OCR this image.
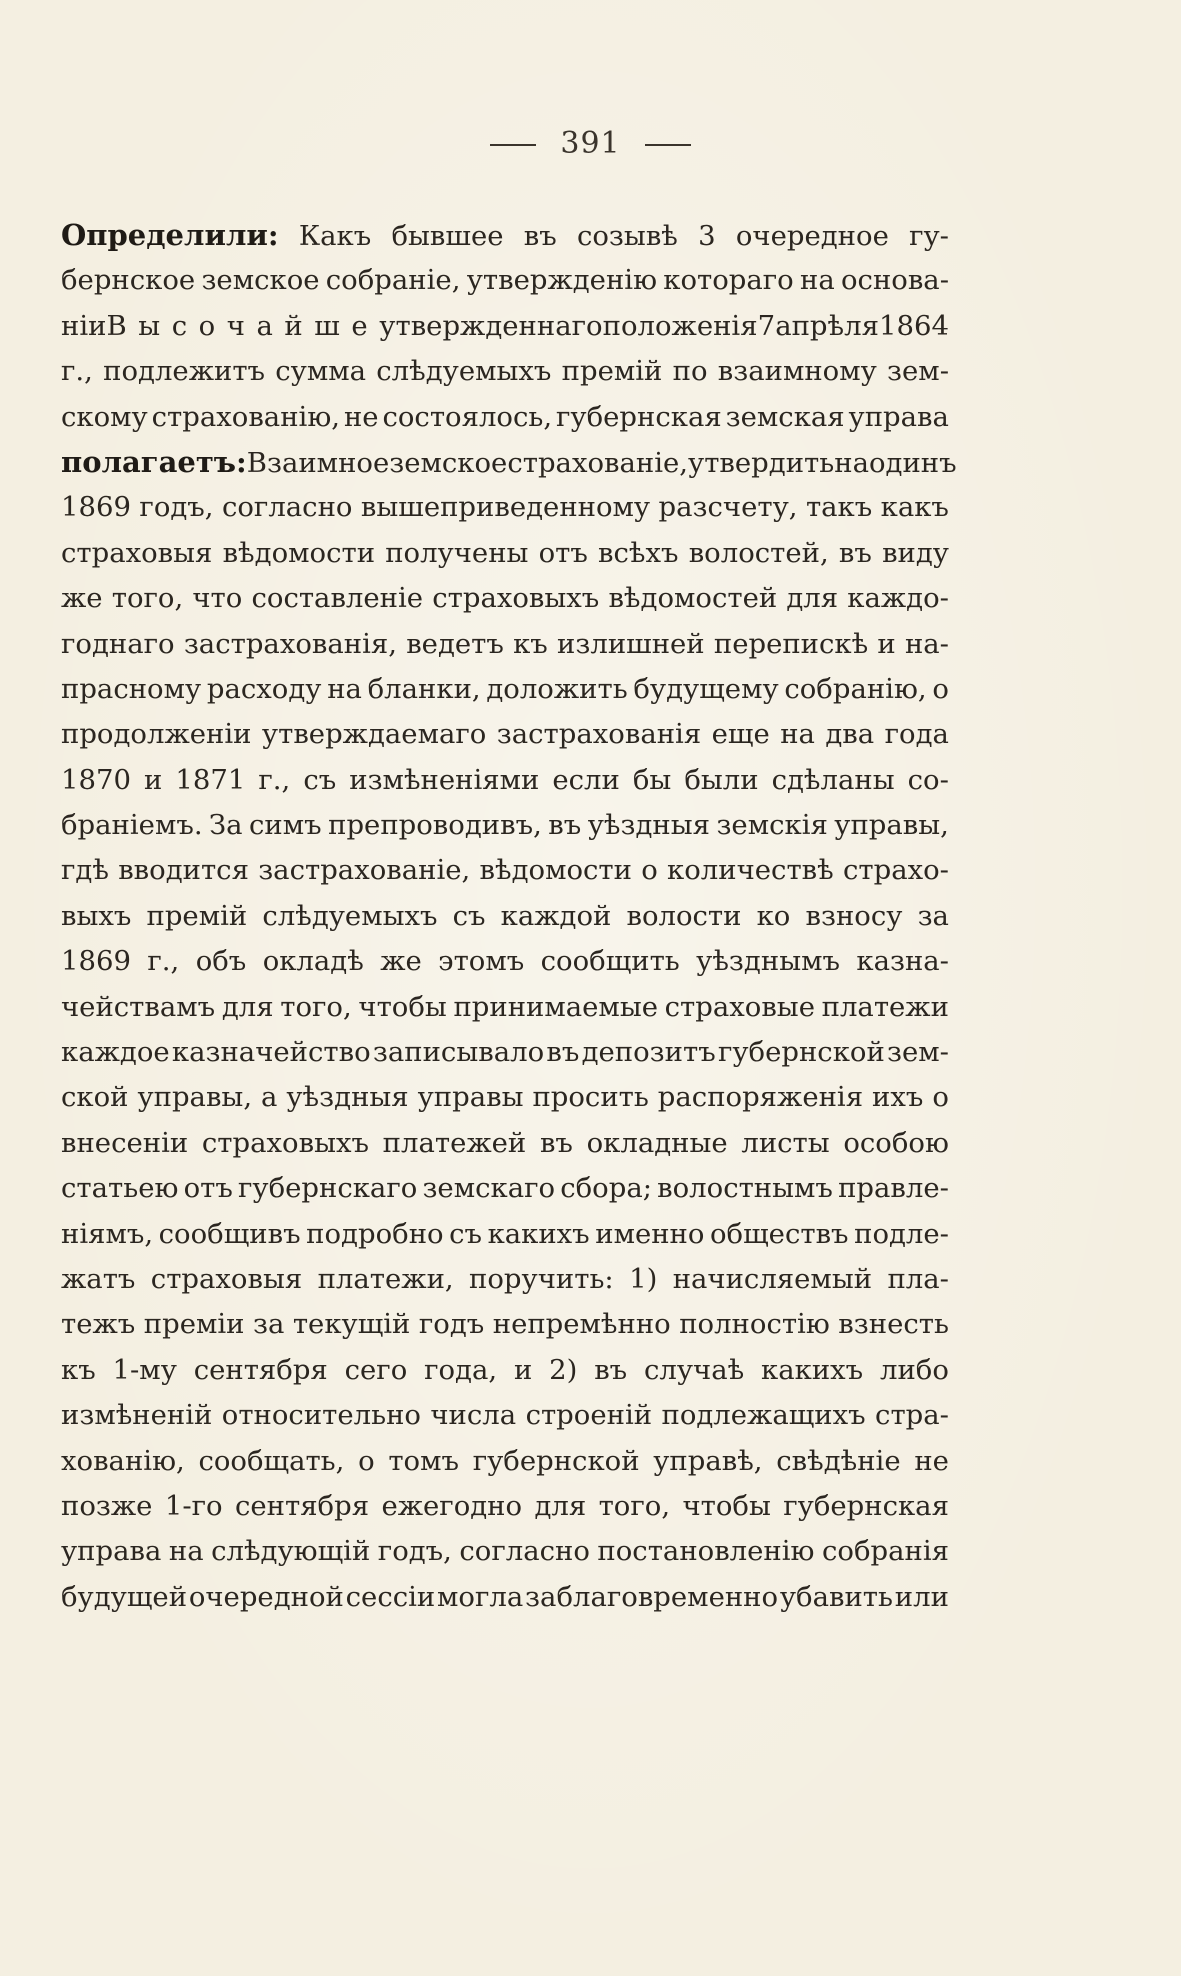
391
Определили: Какъ бывшее въ созывѣ 3 очередное гу-
бернское земское собраніе, утвержденію котораго на основа-
ніи Высочайше утвержденнаго положенія 7 апрѣля 1864
г., подлежитъ сумма слѣдуемыхъ премій по взаимному зем-
скому страхованію, не состоялось, губернская земская управа
полагаетъ: Взаимное земское страхованіе, утвердить на одинъ
1869 годъ, согласно вышеприведенному разсчету, такъ какъ
страховыя вѣдомости получены отъ всѣхъ волостей, въ виду
же того, что составленіе страховыхъ вѣдомостей для каждо-
годнаго застрахованія, ведетъ къ излишней перепискѣ и на-
прасному расходу на бланки, доложить будущему собранію, о
продолженіи утверждаемаго застрахованія еще на два года
1870 и 1871 г., съ измѣненіями если бы были сдѣланы со-
браніемъ. За симъ препроводивъ, въ уѣздныя земскія управы,
гдѣ вводится застрахованіе, вѣдомости о количествѣ страхо-
выхъ премій слѣдуемыхъ съ каждой волости ко взносу за
1869 г., объ окладѣ же этомъ сообщить уѣзднымъ казна-
чействамъ для того, чтобы принимаемые страховые платежи
каждое казначейство записывало въ депозитъ губернской зем-
ской управы, а уѣздныя управы просить распоряженія ихъ о
внесеніи страховыхъ платежей въ окладные листы особою
статьею отъ губернскаго земскаго сбора; волостнымъ правле-
ніямъ, сообщивъ подробно съ какихъ именно обществъ подле-
жатъ страховыя платежи, поручить: 1) начисляемый пла-
тежъ преміи за текущій годъ непремѣнно полностію взнесть
къ 1-му сентября сего года, и 2) въ случаѣ какихъ либо
измѣненій относительно числа строеній подлежащихъ стра-
хованію, сообщать, о томъ губернской управѣ, свѣдѣніе не
позже 1-го сентября ежегодно для того, чтобы губернская
управа на слѣдующій годъ, согласно постановленію собранія
будущей очередной сессіи могла заблаговременно убавить или
